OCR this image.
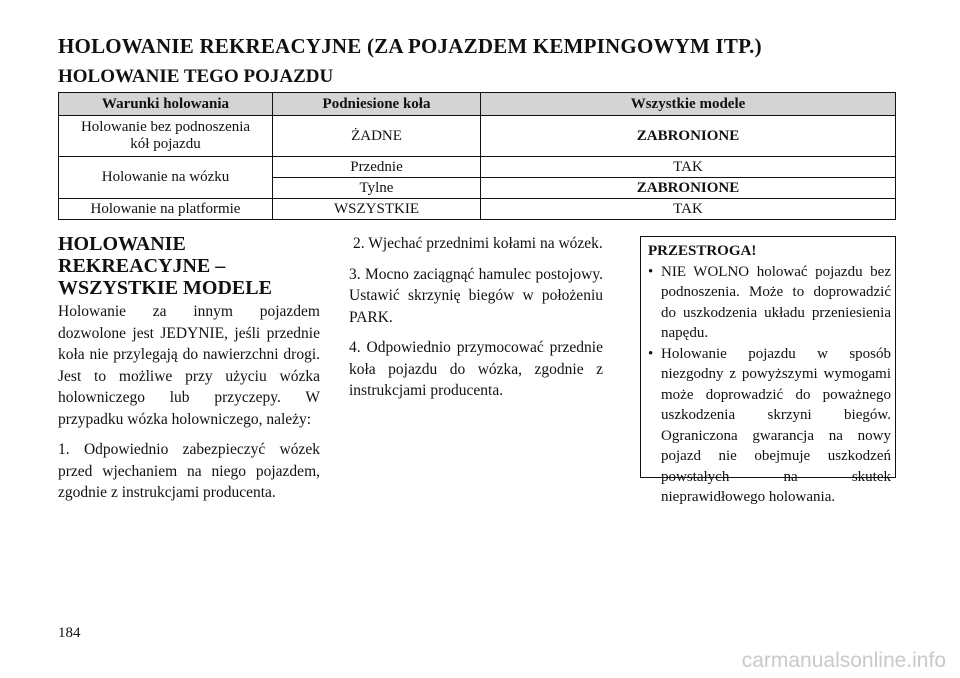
HOLOWANIE REKREACYJNE (ZA POJAZDEM KEMPINGOWYM ITP.)
HOLOWANIE TEGO POJAZDU
Warunki holowania	Podniesione koła	Wszystkie modele
Holowanie bez podnoszenia
kół pojazdu	ŻADNE	ZABRONIONE
Holowanie na wózku	Przednie	TAK
	Tylne	ZABRONIONE
Holowanie na platformie	WSZYSTKIE	TAK
HOLOWANIE
REKREACYJNE –
WSZYSTKIE MODELE

Holowanie za innym pojazdem dozwolone jest JEDYNIE, jeśli przednie koła nie przylegają do nawierzchni drogi. Jest to możliwe przy użyciu wózka holowniczego lub przyczepy. W przypadku wózka holowniczego, należy:

1. Odpowiednio zabezpieczyć wózek przed wjechaniem na niego pojazdem, zgodnie z instrukcjami producenta.

2. Wjechać przednimi kołami na wózek.

3. Mocno zaciągnąć hamulec postojowy. Ustawić skrzynię biegów w położeniu PARK.

4. Odpowiednio przymocować przednie koła pojazdu do wózka, zgodnie z instrukcjami producenta.

PRZESTROGA!
• NIE WOLNO holować pojazdu bez podnoszenia. Może to doprowadzić do uszkodzenia układu przeniesienia napędu.
• Holowanie pojazdu w sposób niezgodny z powyższymi wymogami może doprowadzić do poważnego uszkodzenia skrzyni biegów. Ograniczona gwarancja na nowy pojazd nie obejmuje uszkodzeń powstałych na skutek nieprawidłowego holowania.
184
carmanualsonline.info
